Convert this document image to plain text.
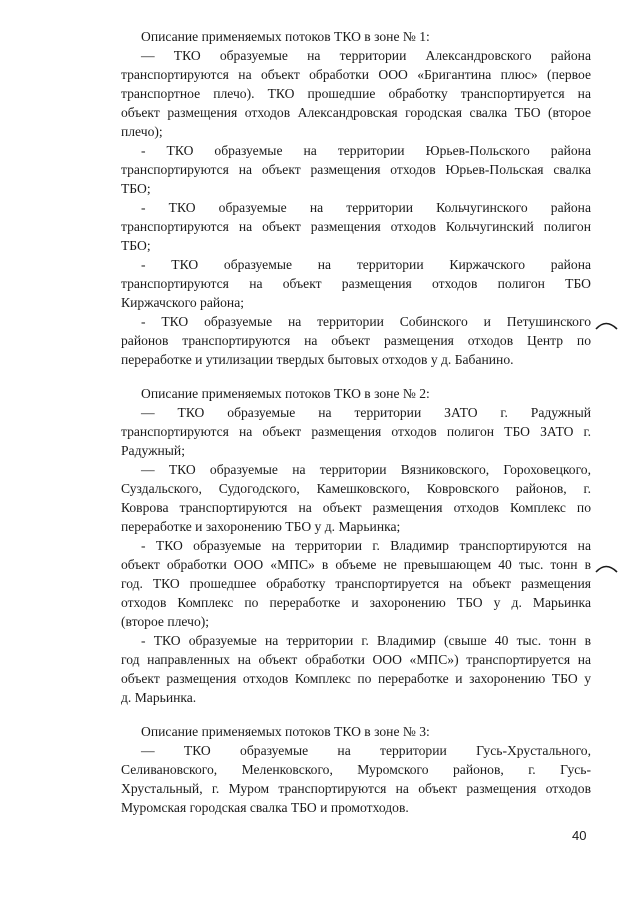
Описание применяемых потоков ТКО в зоне № 1:
— ТКО образуемые на территории Александровского района
транспортируются на объект обработки ООО «Бригантина плюс» (первое
транспортное плечо). ТКО прошедшие обработку транспортируется на
объект размещения отходов Александровская городская свалка ТБО (второе
плечо);
- ТКО образуемые на территории Юрьев-Польского района
транспортируются на объект размещения отходов Юрьев-Польская свалка
ТБО;
- ТКО образуемые на территории Кольчугинского района
транспортируются на объект размещения отходов Кольчугинский полигон
ТБО;
- ТКО образуемые на территории Киржачского района
транспортируются на объект размещения отходов полигон ТБО
Киржачского района;
- ТКО образуемые на территории Собинского и Петушинского
районов транспортируются на объект размещения отходов Центр по
переработке и утилизации твердых бытовых отходов у д. Бабанино.
Описание применяемых потоков ТКО в зоне № 2:
— ТКО образуемые на территории ЗАТО г. Радужный
транспортируются на объект размещения отходов полигон ТБО ЗАТО г.
Радужный;
— ТКО образуемые на территории Вязниковского, Гороховецкого,
Суздальского, Судогодского, Камешковского, Ковровского районов, г.
Коврова транспортируются на объект размещения отходов Комплекс по
переработке и захоронению ТБО у д. Марьинка;
- ТКО образуемые на территории г. Владимир транспортируются на
объект обработки ООО «МПС» в объеме не превышающем 40 тыс. тонн в
год. ТКО прошедшее обработку транспортируется на объект размещения
отходов Комплекс по переработке и захоронению ТБО у д. Марьинка
(второе плечо);
- ТКО образуемые на территории г. Владимир (свыше 40 тыс. тонн в
год направленных на объект обработки ООО «МПС») транспортируется на
объект размещения отходов Комплекс по переработке и захоронению ТБО у
д. Марьинка.
Описание применяемых потоков ТКО в зоне № 3:
— ТКО образуемые на территории Гусь-Хрустального,
Селивановского, Меленковского, Муромского районов, г. Гусь-
Хрустальный, г. Муром транспортируются на объект размещения отходов
Муромская городская свалка ТБО и промотходов.
40
